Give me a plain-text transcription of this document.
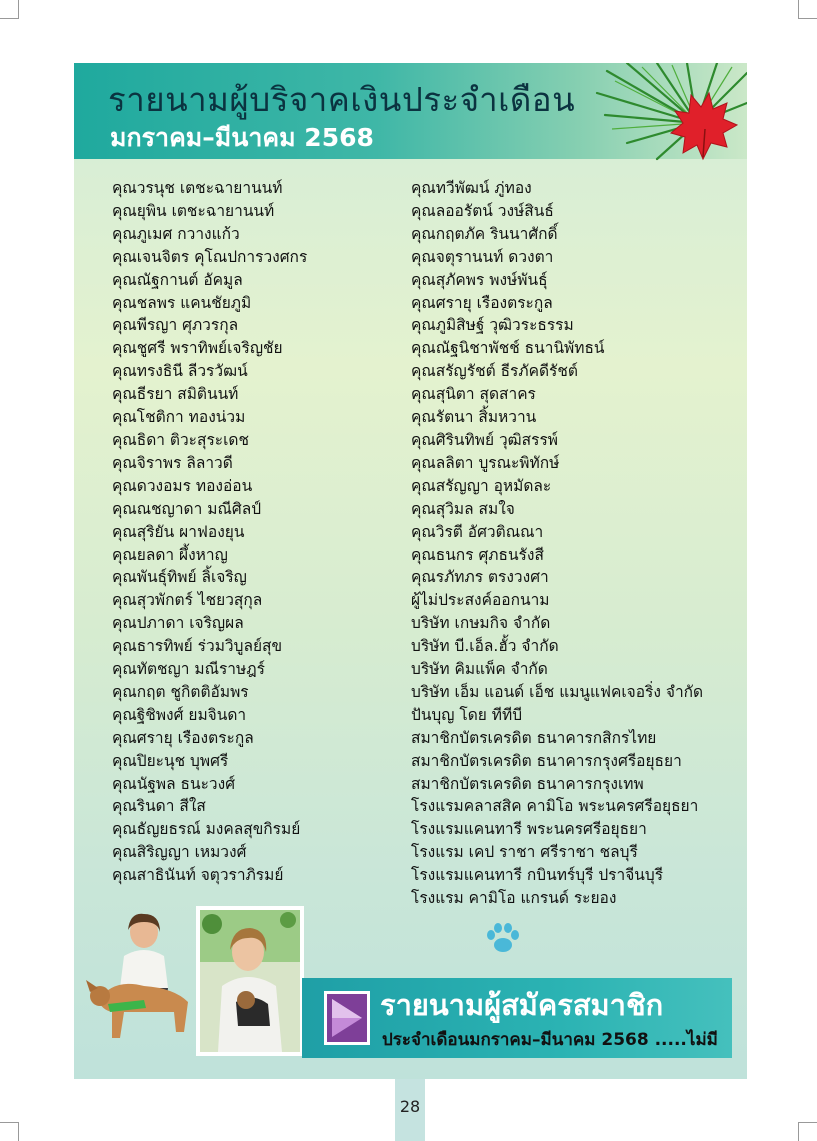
รายนามผู้บริจาคเงินประจำเดือน
มกราคม–มีนาคม 2568
คุณวรนุช เตชะฉายานนท์
คุณยุพิน เตชะฉายานนท์
คุณภูเมศ กวางแก้ว
คุณเจนจิตร คุโณปการวงศกร
คุณณัฐกานต์ อัคมูล
คุณชลพร แคนชัยภูมิ
คุณพีรญา ศุภวรกุล
คุณชูศรี พราทิพย์เจริญชัย
คุณทรงธินี ลีวรวัฒน์
คุณธีรยา สมิตินนท์
คุณโชติกา ทองน่วม
คุณธิดา ติวะสุระเดช
คุณจิราพร ลิลาวดี
คุณดวงอมร ทองอ่อน
คุณณชญาดา มณีศิลป์
คุณสุริยัน ผาฟองยุน
คุณยลดา ผึ้งหาญ
คุณพันธุ์ทิพย์ ลิ้เจริญ
คุณสุวพักตร์ ไชยวสุกุล
คุณปภาดา เจริญผล
คุณธารทิพย์ ร่วมวิบูลย์สุข
คุณทัตชญา มณีราษฎร์
คุณกฤต ชูกิตติอัมพร
คุณฐิชิพงศ์ ยมจินดา
คุณศรายุ เรืองตระกูล
คุณปิยะนุช บุพศรี
คุณนัฐพล ธนะวงศ์
คุณรินดา สีใส
คุณธัญยธรณ์ มงคลสุขกิรมย์
คุณสิริญญา เหมวงศ์
คุณสาธินันท์ จตุวราภิรมย์
คุณทวีพัฒน์ ภู่ทอง
คุณลออรัตน์ วงษ์สินธ์
คุณกฤตภัค รินนาศักดิ์
คุณจตุรานนท์ ดวงตา
คุณสุภัคพร พงษ์พันธุ์
คุณศรายุ เรืองตระกูล
คุณภูมิสิษฐ์ วุฒิวระธรรม
คุณณัฐนิชาพัชช์ ธนานิพัทธน์
คุณสรัญรัชต์ ธีรภัคดีรัชต์
คุณสุนิตา สุดสาคร
คุณรัตนา สิ้มหวาน
คุณศิรินทิพย์ วุฒิสรรพ์
คุณลลิตา บูรณะพิทักษ์
คุณสรัญญา อุหมัดละ
คุณสุวิมล สมใจ
คุณวิรตี อัศวติณณา
คุณธนกร ศุภธนรังสี
คุณรภัทภร ตรงวงศา
ผู้ไม่ประสงค์ออกนาม
บริษัท เกษมกิจ จำกัด
บริษัท บี.เอ็ล.ฮั้ว จำกัด
บริษัท คิมแพ็ค จำกัด
บริษัท เอ็ม แอนด์ เอ็ช แมนูแฟคเจอริ่ง จำกัด
ปันบุญ โดย ทีทีบี
สมาชิกบัตรเครดิต ธนาคารกสิกรไทย
สมาชิกบัตรเครดิต ธนาคารกรุงศรีอยุธยา
สมาชิกบัตรเครดิต ธนาคารกรุงเทพ
โรงแรมคลาสสิค คามิโอ พระนครศรีอยุธยา
โรงแรมแคนทารี พระนครศรีอยุธยา
โรงแรม เคป ราชา ศรีราชา ชลบุรี
โรงแรมแคนทารี กบินทร์บุรี ปราจีนบุรี
โรงแรม คามิโอ แกรนด์ ระยอง
รายนามผู้สมัครสมาชิก

ประจำเดือนมกราคม–มีนาคม 2568 .....ไม่มี

28
